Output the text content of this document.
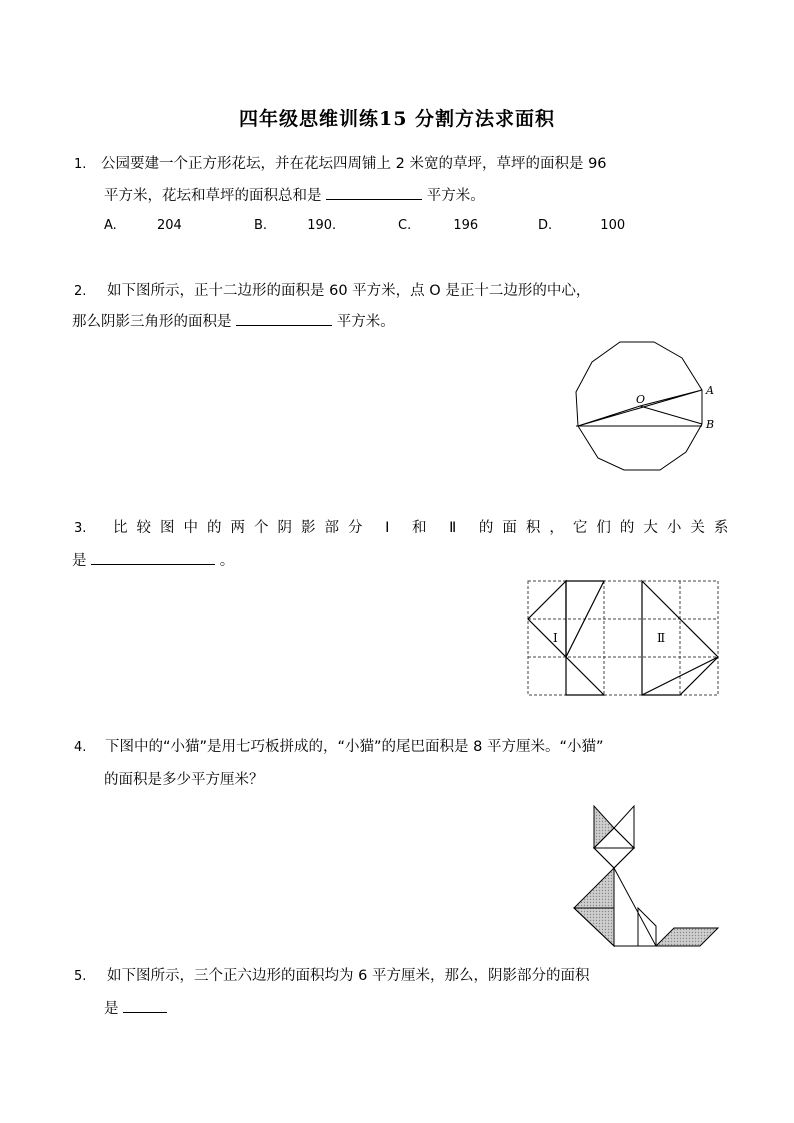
四年级思维训练15 分割方法求面积
1. 公园要建一个正方形花坛，并在花坛四周铺上 2 米宽的草坪，草坪的面积是 96
平方米，花坛和草坪的面积总和是	平方米。
A.	204	B.	190.	C.	196	D.	100
2. 如下图所示，正十二边形的面积是 60 平方米，点 O 是正十二边形的中心，
那么阴影三角形的面积是	平方米。
O
A
B
3. 比较图中的两个阴影部分 Ⅰ 和 Ⅱ 的面积，它们的大小关系
是	。
Ⅰ	Ⅱ
4. 下图中的“小猫”是用七巧板拼成的，“小猫”的尾巴面积是 8 平方厘米。“小猫”
的面积是多少平方厘米？
5. 如下图所示，三个正六边形的面积均为 6 平方厘米，那么，阴影部分的面积
是
